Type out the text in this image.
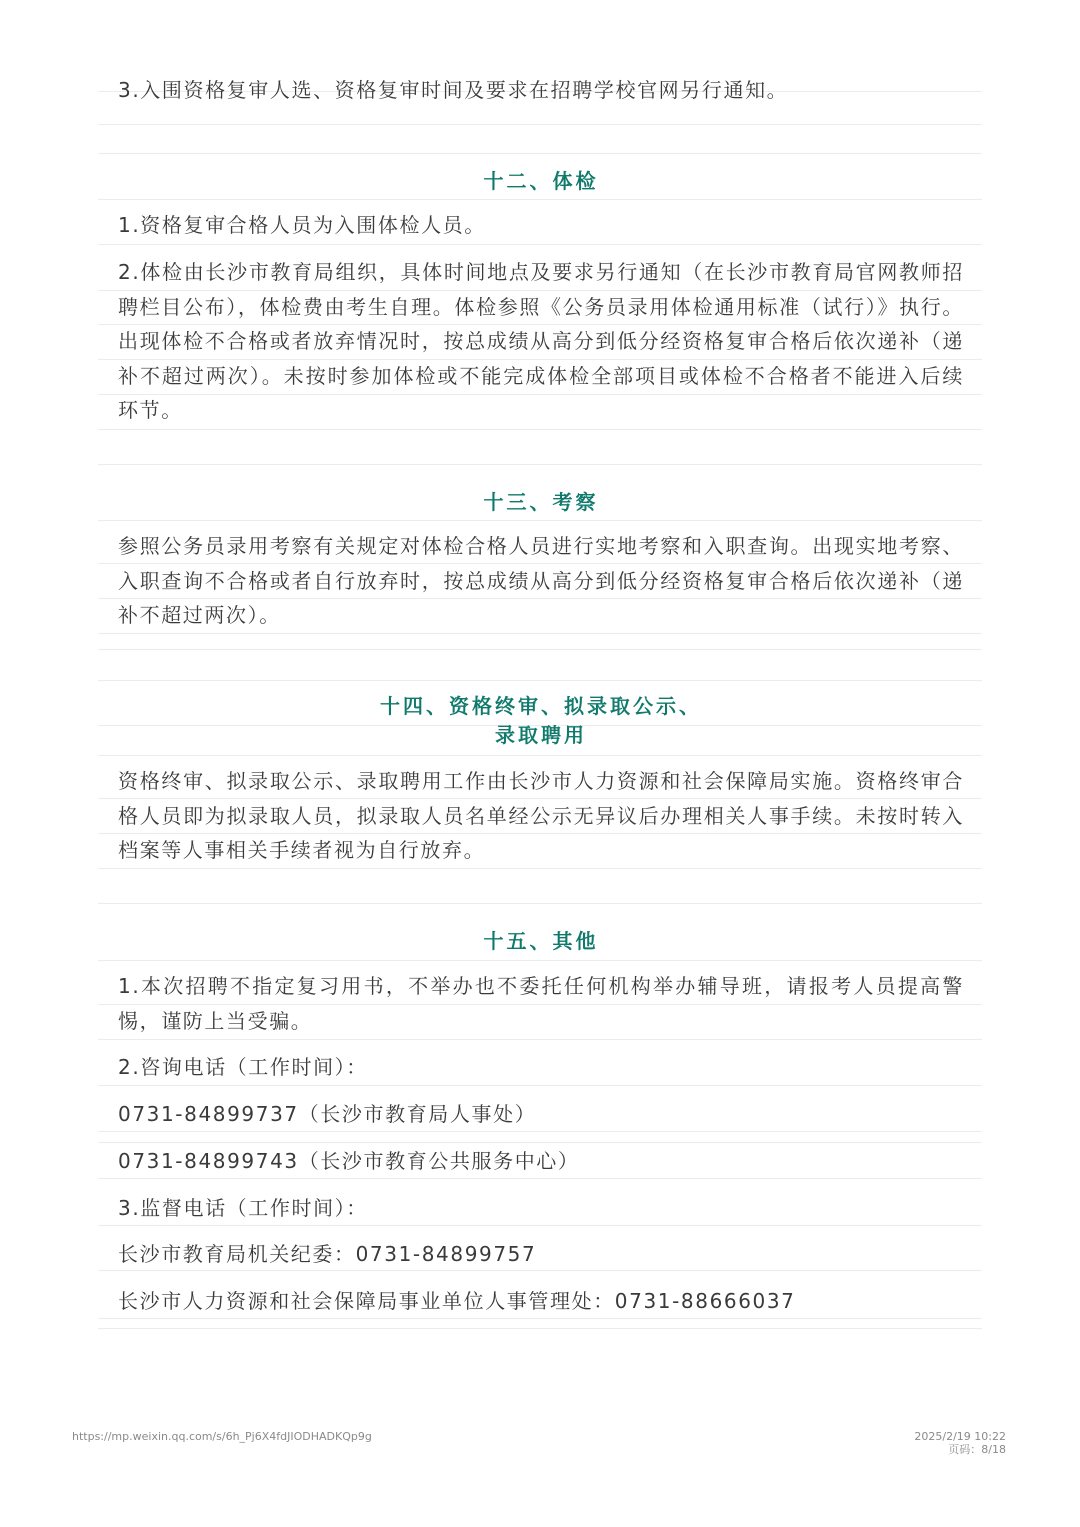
3.入围资格复审人选、资格复审时间及要求在招聘学校官网另行通知。

十二、体检

1.资格复审合格人员为入围体检人员。

2.体检由长沙市教育局组织，具体时间地点及要求另行通知（在长沙市教育局官网教师招聘栏目公布），体检费由考生自理。体检参照《公务员录用体检通用标准（试行）》执行。出现体检不合格或者放弃情况时，按总成绩从高分到低分经资格复审合格后依次递补（递补不超过两次）。未按时参加体检或不能完成体检全部项目或体检不合格者不能进入后续环节。

十三、考察

参照公务员录用考察有关规定对体检合格人员进行实地考察和入职查询。出现实地考察、入职查询不合格或者自行放弃时，按总成绩从高分到低分经资格复审合格后依次递补（递补不超过两次）。

十四、资格终审、拟录取公示、
录取聘用

资格终审、拟录取公示、录取聘用工作由长沙市人力资源和社会保障局实施。资格终审合格人员即为拟录取人员，拟录取人员名单经公示无异议后办理相关人事手续。未按时转入档案等人事相关手续者视为自行放弃。

十五、其他

1.本次招聘不指定复习用书，不举办也不委托任何机构举办辅导班，请报考人员提高警惕，谨防上当受骗。

2.咨询电话（工作时间）：

0731-84899737（长沙市教育局人事处）

0731-84899743（长沙市教育公共服务中心）

3.监督电话（工作时间）：

长沙市教育局机关纪委：0731-84899757

长沙市人力资源和社会保障局事业单位人事管理处：0731-88666037

https://mp.weixin.qq.com/s/6h_Pj6X4fdJIODHADKQp9g	2025/2/19 10:22
页码：8/18
